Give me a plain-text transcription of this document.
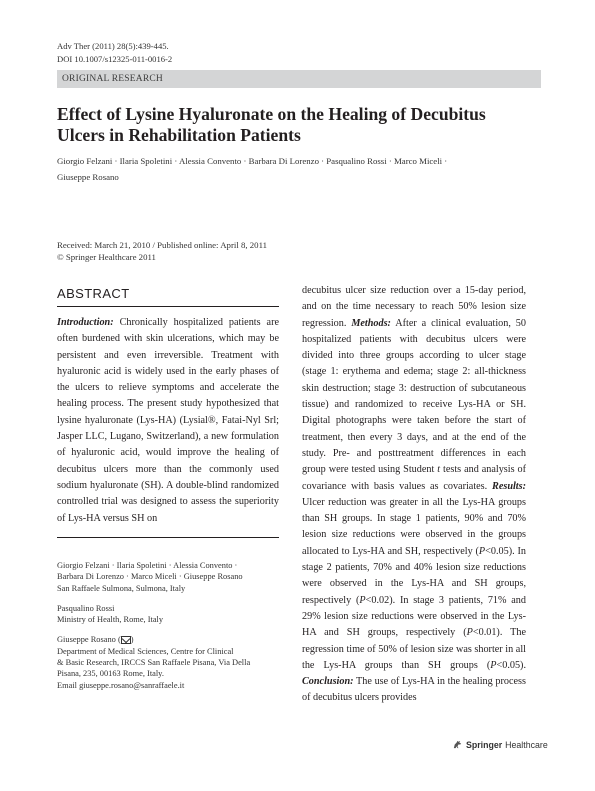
Adv Ther (2011) 28(5):439-445.
DOI 10.1007/s12325-011-0016-2
ORIGINAL RESEARCH
Effect of Lysine Hyaluronate on the Healing of Decubitus
Ulcers in Rehabilitation Patients
Giorgio Felzani · Ilaria Spoletini · Alessia Convento · Barbara Di Lorenzo · Pasqualino Rossi · Marco Miceli ·
Giuseppe Rosano
Received: March 21, 2010 / Published online: April 8, 2011
© Springer Healthcare 2011
ABSTRACT
Introduction: Chronically hospitalized patients are often burdened with skin ulcerations, which may be persistent and even irreversible. Treatment with hyaluronic acid is widely used in the early phases of the ulcers to relieve symptoms and accelerate the healing process. The present study hypothesized that lysine hyaluronate (Lys-HA) (Lysial®, Fatai-Nyl Srl; Jasper LLC, Lugano, Switzerland), a new formulation of hyaluronic acid, would improve the healing of decubitus ulcers more than the commonly used sodium hyaluronate (SH). A double-blind randomized controlled trial was designed to assess the superiority of Lys-HA versus SH on

Giorgio Felzani · Ilaria Spoletini · Alessia Convento ·
Barbara Di Lorenzo · Marco Miceli · Giuseppe Rosano
San Raffaele Sulmona, Sulmona, Italy

Pasqualino Rossi
Ministry of Health, Rome, Italy

Giuseppe Rosano ( )
Department of Medical Sciences, Centre for Clinical
& Basic Research, IRCCS San Raffaele Pisana, Via Della
Pisana, 235, 00163 Rome, Italy.
Email giuseppe.rosano@sanraffaele.it

decubitus ulcer size reduction over a 15-day period, and on the time necessary to reach 50% lesion size regression. Methods: After a clinical evaluation, 50 hospitalized patients with decubitus ulcers were divided into three groups according to ulcer stage (stage 1: erythema and edema; stage 2: all-thickness skin destruction; stage 3: destruction of subcutaneous tissue) and randomized to receive Lys-HA or SH. Digital photographs were taken before the start of treatment, then every 3 days, and at the end of the study. Pre- and posttreatment differences in each group were tested using Student t tests and analysis of covariance with basis values as covariates. Results: Ulcer reduction was greater in all the Lys-HA groups than SH groups. In stage 1 patients, 90% and 70% lesion size reductions were observed in the groups allocated to Lys-HA and SH, respectively (P<0.05). In stage 2 patients, 70% and 40% lesion size reductions were observed in the Lys-HA and SH groups, respectively (P<0.02). In stage 3 patients, 71% and 29% lesion size reductions were observed in the Lys-HA and SH groups, respectively (P<0.01). The regression time of 50% of lesion size was shorter in all the Lys-HA groups than SH groups (P<0.05). Conclusion: The use of Lys-HA in the healing process of decubitus ulcers provides
Springer Healthcare
